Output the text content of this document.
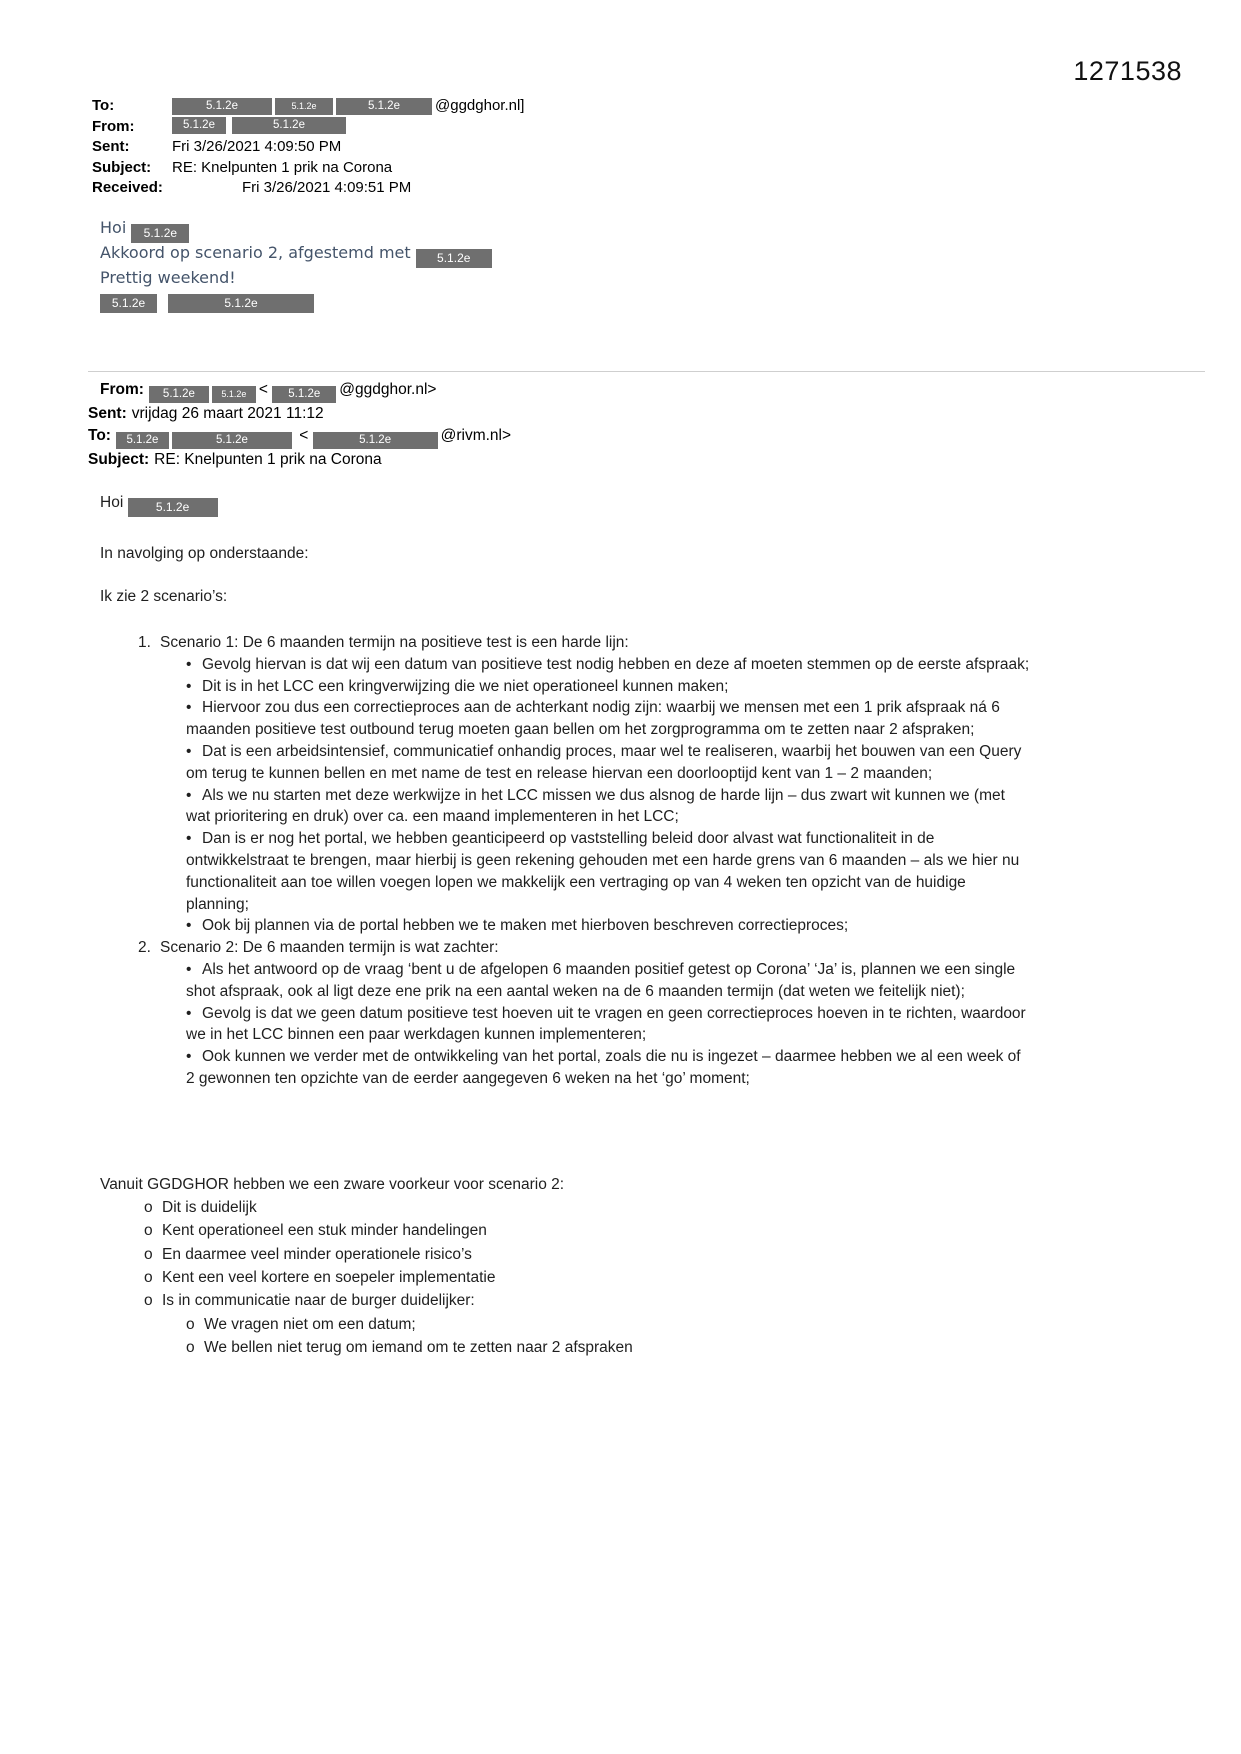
1271538
To:	5.1.2e	5.1.2e	5.1.2e	@ggdghor.nl]
From:	5.1.2e	5.1.2e
Sent:	Fri 3/26/2021 4:09:50 PM
Subject:	RE: Knelpunten 1 prik na Corona
Received:	Fri 3/26/2021 4:09:51 PM

Hoi 5.1.2e

Akkoord op scenario 2, afgestemd met 5.1.2e

Prettig weekend!

5.1.2e	5.1.2e

From: 5.1.2e	5.1.2e < 5.1.2e @ggdghor.nl>
Sent: vrijdag 26 maart 2021 11:12
To: 5.1.2e	5.1.2e	<	5.1.2e	@rivm.nl>
Subject: RE: Knelpunten 1 prik na Corona

Hoi 5.1.2e

In navolging op onderstaande:

Ik zie 2 scenario’s:

1. Scenario 1: De 6 maanden termijn na positieve test is een harde lijn:

• Gevolg hiervan is dat wij een datum van positieve test nodig hebben en deze af moeten stemmen op de eerste afspraak;

• Dit is in het LCC een kringverwijzing die we niet operationeel kunnen maken;

• Hiervoor zou dus een correctieproces aan de achterkant nodig zijn: waarbij we mensen met een 1 prik afspraak ná 6 maanden positieve test outbound terug moeten gaan bellen om het zorgprogramma om te zetten naar 2 afspraken;

• Dat is een arbeidsintensief, communicatief onhandig proces, maar wel te realiseren, waarbij het bouwen van een Query om terug te kunnen bellen en met name de test en release hiervan een doorlooptijd kent van 1 – 2 maanden;

• Als we nu starten met deze werkwijze in het LCC missen we dus alsnog de harde lijn – dus zwart wit kunnen we (met wat prioritering en druk) over ca. een maand implementeren in het LCC;

• Dan is er nog het portal, we hebben geanticipeerd op vaststelling beleid door alvast wat functionaliteit in de ontwikkelstraat te brengen, maar hierbij is geen rekening gehouden met een harde grens van 6 maanden – als we hier nu functionaliteit aan toe willen voegen lopen we makkelijk een vertraging op van 4 weken ten opzicht van de huidige planning;

• Ook bij plannen via de portal hebben we te maken met hierboven beschreven correctieproces;

2. Scenario 2: De 6 maanden termijn is wat zachter:

• Als het antwoord op de vraag ‘bent u de afgelopen 6 maanden positief getest op Corona’ ‘Ja’ is, plannen we een single shot afspraak, ook al ligt deze ene prik na een aantal weken na de 6 maanden termijn (dat weten we feitelijk niet);

• Gevolg is dat we geen datum positieve test hoeven uit te vragen en geen correctieproces hoeven in te richten, waardoor we in het LCC binnen een paar werkdagen kunnen implementeren;

• Ook kunnen we verder met de ontwikkeling van het portal, zoals die nu is ingezet – daarmee hebben we al een week of 2 gewonnen ten opzichte van de eerder aangegeven 6 weken na het ‘go’ moment;

Vanuit GGDGHOR hebben we een zware voorkeur voor scenario 2:

o Dit is duidelijk

o Kent operationeel een stuk minder handelingen

o En daarmee veel minder operationele risico’s

o Kent een veel kortere en soepeler implementatie

o Is in communicatie naar de burger duidelijker:

o We vragen niet om een datum;

o We bellen niet terug om iemand om te zetten naar 2 afspraken
